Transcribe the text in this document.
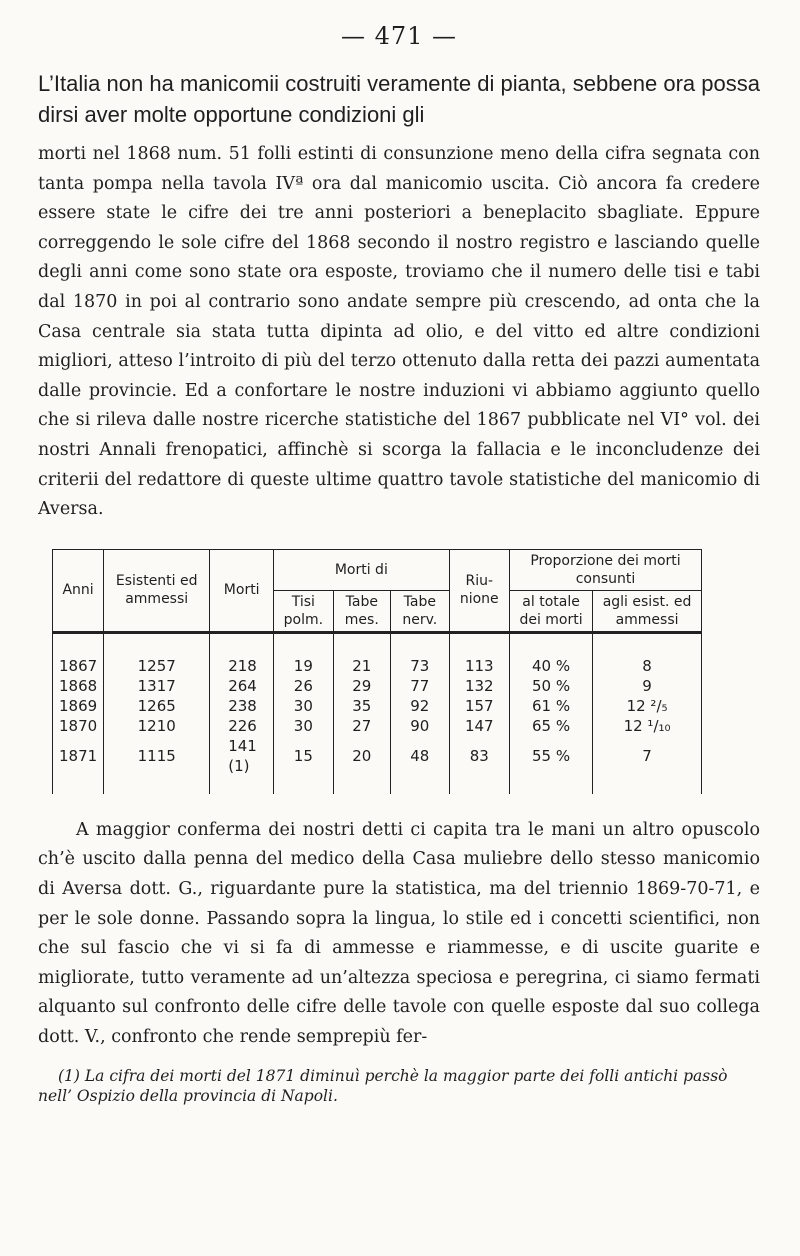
— 471 —

L’Italia non ha manicomii costruiti veramente di pianta, sebbene ora possa dirsi aver molte opportune condizioni gli

morti nel 1868 num. 51 folli estinti di consunzione meno della cifra segnata con tanta pompa nella tavola IVª ora dal manicomio uscita. Ciò ancora fa credere essere state le cifre dei tre anni posteriori a beneplacito sbagliate. Eppure correggendo le sole cifre del 1868 secondo il nostro registro e lasciando quelle degli anni come sono state ora esposte, troviamo che il numero delle tisi e tabi dal 1870 in poi al contrario sono andate sempre più crescendo, ad onta che la Casa centrale sia stata tutta dipinta ad olio, e del vitto ed altre condizioni migliori, atteso l’introito di più del terzo ottenuto dalla retta dei pazzi aumentata dalle provincie. Ed a confortare le nostre induzioni vi abbiamo aggiunto quello che si rileva dalle nostre ricerche statistiche del 1867 pubblicate nel VI° vol. dei nostri Annali frenopatici, affinchè si scorga la fallacia e le inconcludenze dei criterii del redattore di queste ultime quattro tavole statistiche del manicomio di Aversa.

Anni	Esistenti ed ammessi	Morti	Morti di			Riu- nione	Proporzione dei morti consunti	
			Tisi polm.	Tabe mes.	Tabe nerv.		al totale dei morti	agli esist. ed ammessi
1867	1257	218	19	21	73	113	40 %	8
1868	1317	264	26	29	77	132	50 %	9
1869	1265	238	30	35	92	157	61 %	12 ²/₅
1870	1210	226	30	27	90	147	65 %	12 ¹/₁₀
1871	1115	141 (1)	15	20	48	83	55 %	7

A maggior conferma dei nostri detti ci capita tra le mani un altro opuscolo ch’è uscito dalla penna del medico della Casa muliebre dello stesso manicomio di Aversa dott. G., riguardante pure la statistica, ma del triennio 1869-70-71, e per le sole donne. Passando sopra la lingua, lo stile ed i concetti scientifici, non che sul fascio che vi si fa di ammesse e riammesse, e di uscite guarite e migliorate, tutto veramente ad un’altezza speciosa e peregrina, ci siamo fermati alquanto sul confronto delle cifre delle tavole con quelle esposte dal suo collega dott. V., confronto che rende semprepiù fer-

(1) La cifra dei morti del 1871 diminuì perchè la maggior parte dei folli antichi passò nell’ Ospizio della provincia di Napoli.
